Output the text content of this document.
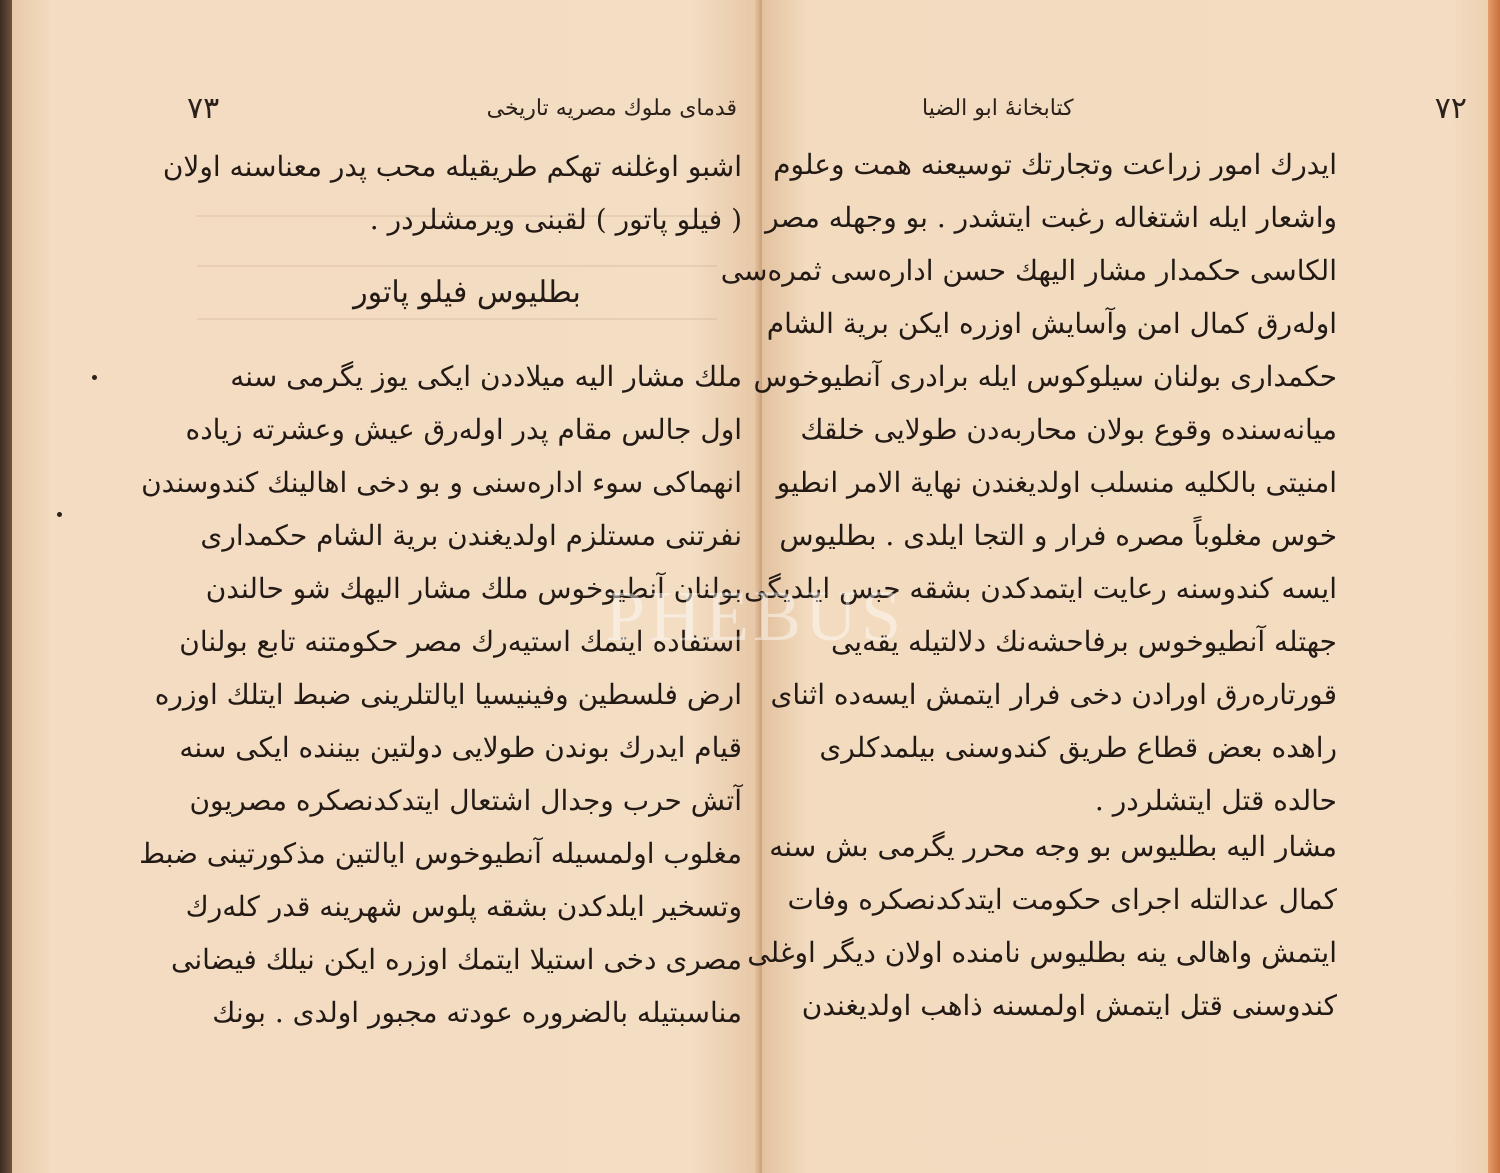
٧٣	قدمای ملوك مصریه تاریخی
اشبو اوغلنه تهكم طریقیله محب پدر معناسنه اولان
( فیلو پاتور ) لقبنی ویرمشلردر .
بطلیوس فیلو پاتور
ملك مشار الیه میلاددن ایكی یوز یگرمی سنه
اول جالس مقام پدر اولەرق عیش وعشرته زیاده
انهماكی سوء ادارەسنی و بو دخی اهالینك كندوسندن
نفرتنی مستلزم اولدیغندن بریة الشام حكمداری
بولنان آنطیوخوس ملك مشار الیهك شو حالندن
استفاده ایتمك استیەرك مصر حكومتنه تابع بولنان
ارض فلسطین وفینیسیا ایالتلرینی ضبط ایتلك اوزره
قیام ایدرك بوندن طولایی دولتین بیننده ایكی سنه
آتش حرب وجدال اشتعال ایتدكدنصكره مصریون
مغلوب اولمسیله آنطیوخوس ایالتین مذكورتینی ضبط
وتسخیر ایلدكدن بشقه پلوس شهرینه قدر كلەرك
مصری دخی استیلا ایتمك اوزره ایكن نیلك فیضانی
مناسبتیله بالضروره عودته مجبور اولدی . بونك
كتابخانهٔ ابو الضیا	٧٢
ایدرك امور زراعت وتجارتك توسیعنه همت وعلوم
واشعار ایله اشتغاله رغبت ایتشدر . بو وجهله مصر
الكاسی حكمدار مشار الیهك حسن ادارەسی ثمرەسی
اولەرق كمال امن وآسایش اوزره ایكن بریة الشام
حكمداری بولنان سیلوكوس ایله برادری آنطیوخوس
میانەسنده وقوع بولان محاربەدن طولایی خلقك
امنیتی بالكلیه منسلب اولدیغندن نهایة الامر انطیو
خوس مغلوباً مصره فرار و التجا ایلدی . بطلیوس
ایسه كندوسنه رعایت ایتمدكدن بشقه حبس ایلدیگی
جهتله آنطیوخوس برفاحشەنك دلالتیله یقەیی
قورتارەرق اورادن دخی فرار ایتمش ایسەده اثنای
راهده بعض قطاع طریق كندوسنی بیلمدكلری
حالده قتل ایتشلردر .
مشار الیه بطلیوس بو وجه محرر یگرمی بش سنه
كمال عدالتله اجرای حكومت ایتدكدنصكره وفات
ایتمش واهالی ینه بطلیوس نامنده اولان دیگر اوغلی
كندوسنی قتل ایتمش اولمسنه ذاهب اولدیغندن
PHEBUS
